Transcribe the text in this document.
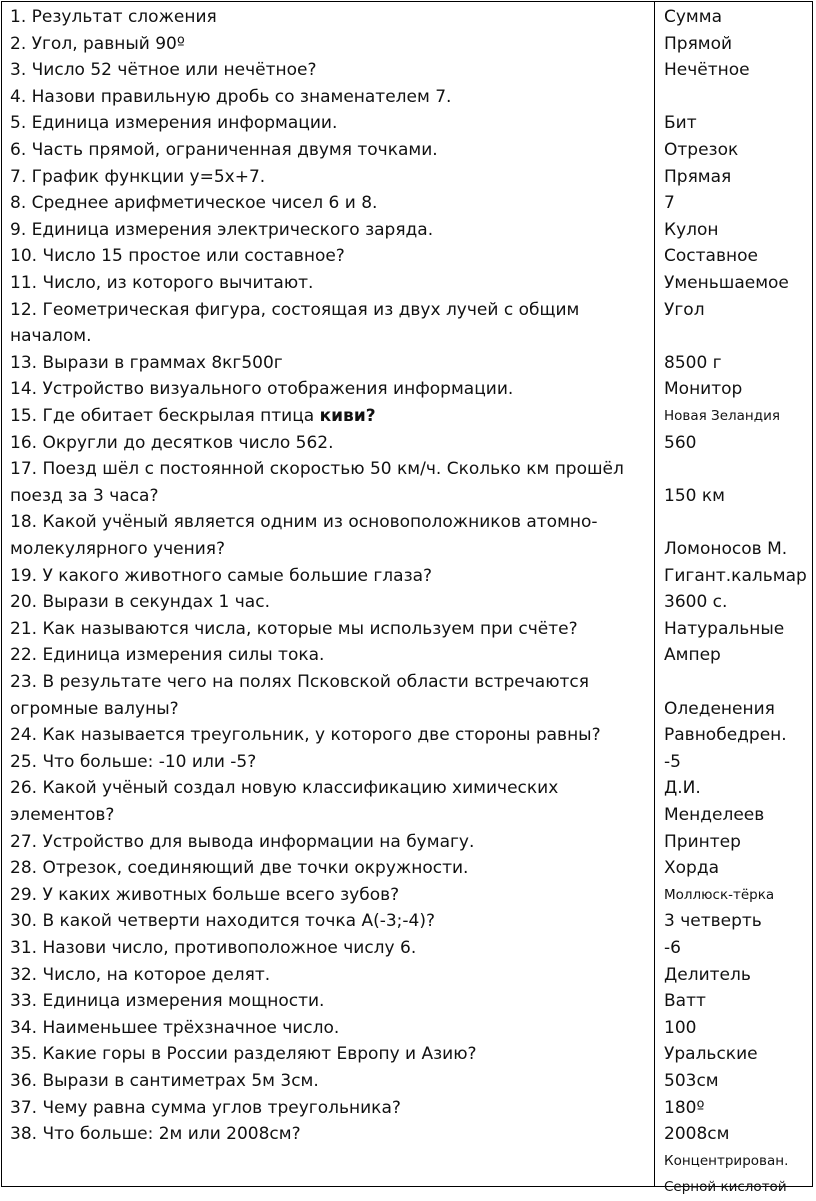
1. Результат сложения
2. Угол, равный 90º
3. Число 52 чётное или нечётное?
4. Назови правильную дробь со знаменателем 7.
5. Единица измерения информации.
6. Часть прямой, ограниченная двумя точками.
7. График функции y=5x+7.
8. Среднее арифметическое чисел 6 и 8.
9. Единица измерения электрического заряда.
10. Число 15 простое или составное?
11. Число, из которого вычитают.
12. Геометрическая фигура, состоящая из двух лучей с общим
началом.
13. Вырази в граммах 8кг500г
14. Устройство визуального отображения информации.
15. Где обитает бескрылая птица киви?
16. Округли до десятков число 562.
17. Поезд шёл с постоянной скоростью 50 км/ч. Сколько км прошёл
поезд за 3 часа?
18. Какой учёный является одним из основоположников атомно-
молекулярного учения?
19. У какого животного самые большие глаза?
20. Вырази в секундах 1 час.
21. Как называются числа, которые мы используем при счёте?
22. Единица измерения силы тока.
23. В результате чего на полях Псковской области встречаются
огромные валуны?
24. Как называется треугольник, у которого две стороны равны?
25. Что больше: -10 или -5?
26. Какой учёный создал новую классификацию химических
элементов?
27. Устройство для вывода информации на бумагу.
28. Отрезок, соединяющий две точки окружности.
29. У каких животных больше всего зубов?
30. В какой четверти находится точка А(-3;-4)?
31. Назови число, противоположное числу 6.
32. Число, на которое делят.
33. Единица измерения мощности.
34. Наименьшее трёхзначное число.
35. Какие горы в России разделяют Европу и Азию?
36. Вырази в сантиметрах 5м 3см.
37. Чему равна сумма углов треугольника?
38. Что больше: 2м или 2008см?
Сумма
Прямой
Нечётное
Бит
Отрезок
Прямая
7
Кулон
Составное
Уменьшаемое
Угол
8500 г
Монитор
Новая Зеландия
560
150 км
Ломоносов М.
Гигант.кальмар
3600 с.
Натуральные
Ампер
Оледенения
Равнобедрен.
-5
Д.И.
Менделеев
Принтер
Хорда
Моллюск-тёрка
3 четверть
-6
Делитель
Ватт
100
Уральские
503см
180º
2008см
Концентрирован.
Серной кислотой
